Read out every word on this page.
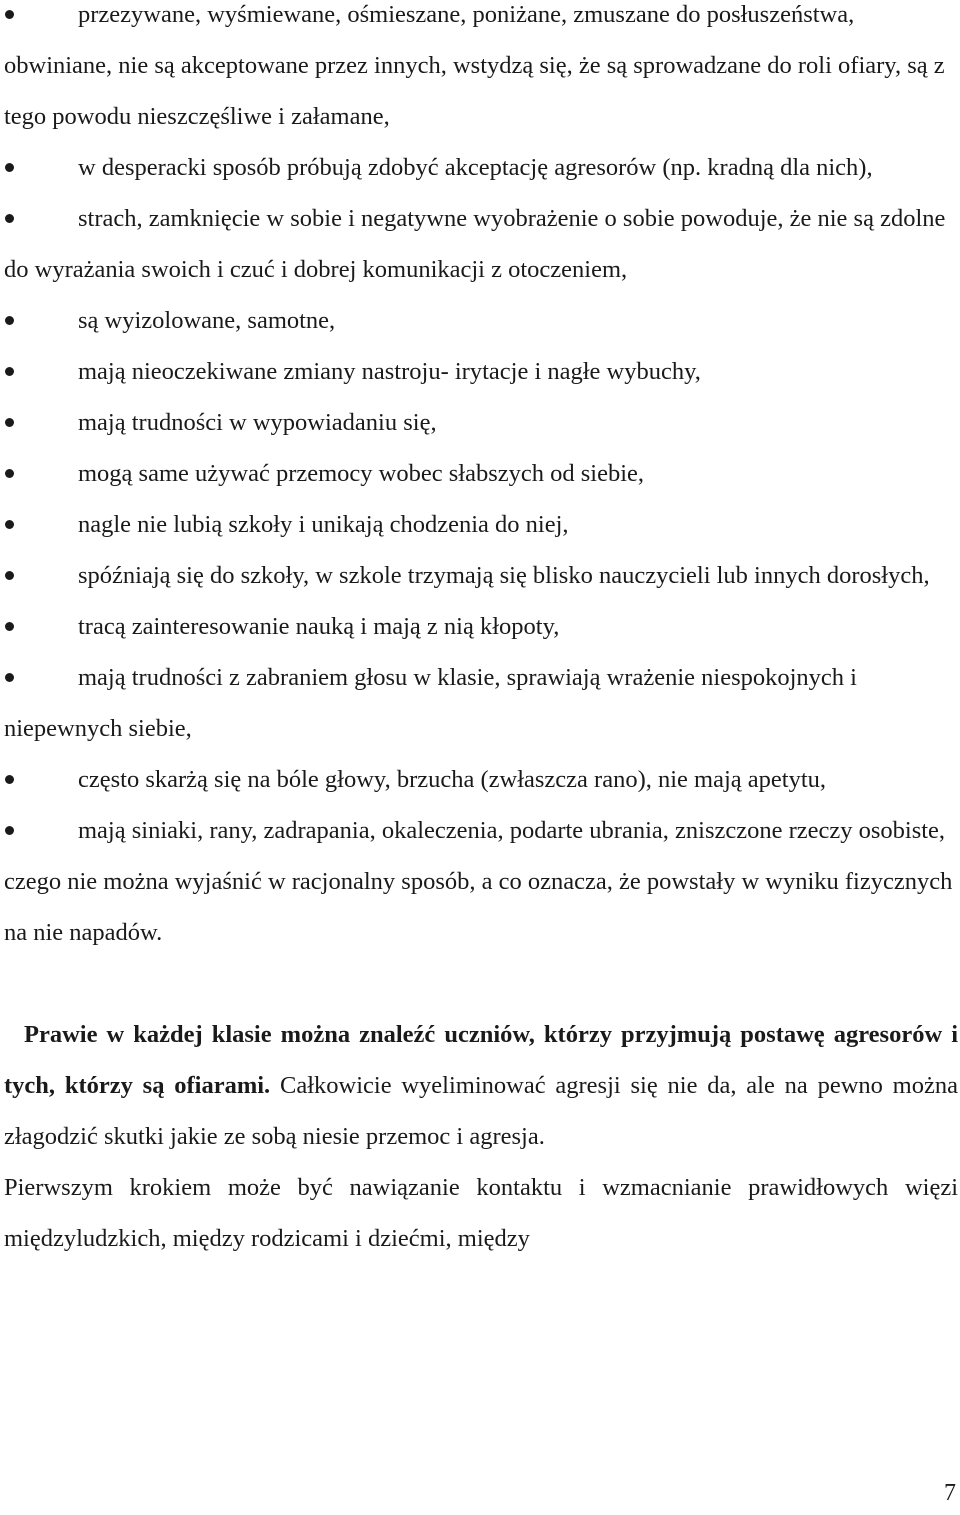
przezywane, wyśmiewane, ośmieszane, poniżane, zmuszane do posłuszeństwa, obwiniane, nie są akceptowane przez innych, wstydzą się, że są sprowadzane do roli ofiary, są z tego powodu nieszczęśliwe i załamane,
w desperacki sposób próbują zdobyć akceptację agresorów (np. kradną dla nich),
strach, zamknięcie w sobie i negatywne wyobrażenie o sobie powoduje, że nie są zdolne do wyrażania swoich i czuć i dobrej komunikacji z otoczeniem,
są wyizolowane, samotne,
mają nieoczekiwane zmiany nastroju- irytacje i nagłe wybuchy,
mają trudności w wypowiadaniu się,
mogą same używać przemocy wobec słabszych od siebie,
nagle nie lubią szkoły i unikają chodzenia do niej,
spóźniają się do szkoły, w szkole trzymają się blisko nauczycieli lub innych dorosłych,
tracą zainteresowanie nauką i mają z nią kłopoty,
mają trudności z zabraniem głosu w klasie, sprawiają wrażenie niespokojnych i niepewnych siebie,
często skarżą się na bóle głowy, brzucha (zwłaszcza rano), nie mają apetytu,
mają siniaki, rany, zadrapania, okaleczenia, podarte ubrania, zniszczone rzeczy osobiste, czego nie można wyjaśnić w racjonalny sposób, a co oznacza, że powstały w wyniku fizycznych na nie napadów.

Prawie w każdej klasie można znaleźć uczniów, którzy przyjmują postawę agresorów i tych, którzy są ofiarami. Całkowicie wyeliminować agresji się nie da, ale na pewno można złagodzić skutki jakie ze sobą niesie przemoc i agresja.

Pierwszym krokiem może być nawiązanie kontaktu i wzmacnianie prawidłowych więzi międzyludzkich, między rodzicami i dziećmi, między

7
